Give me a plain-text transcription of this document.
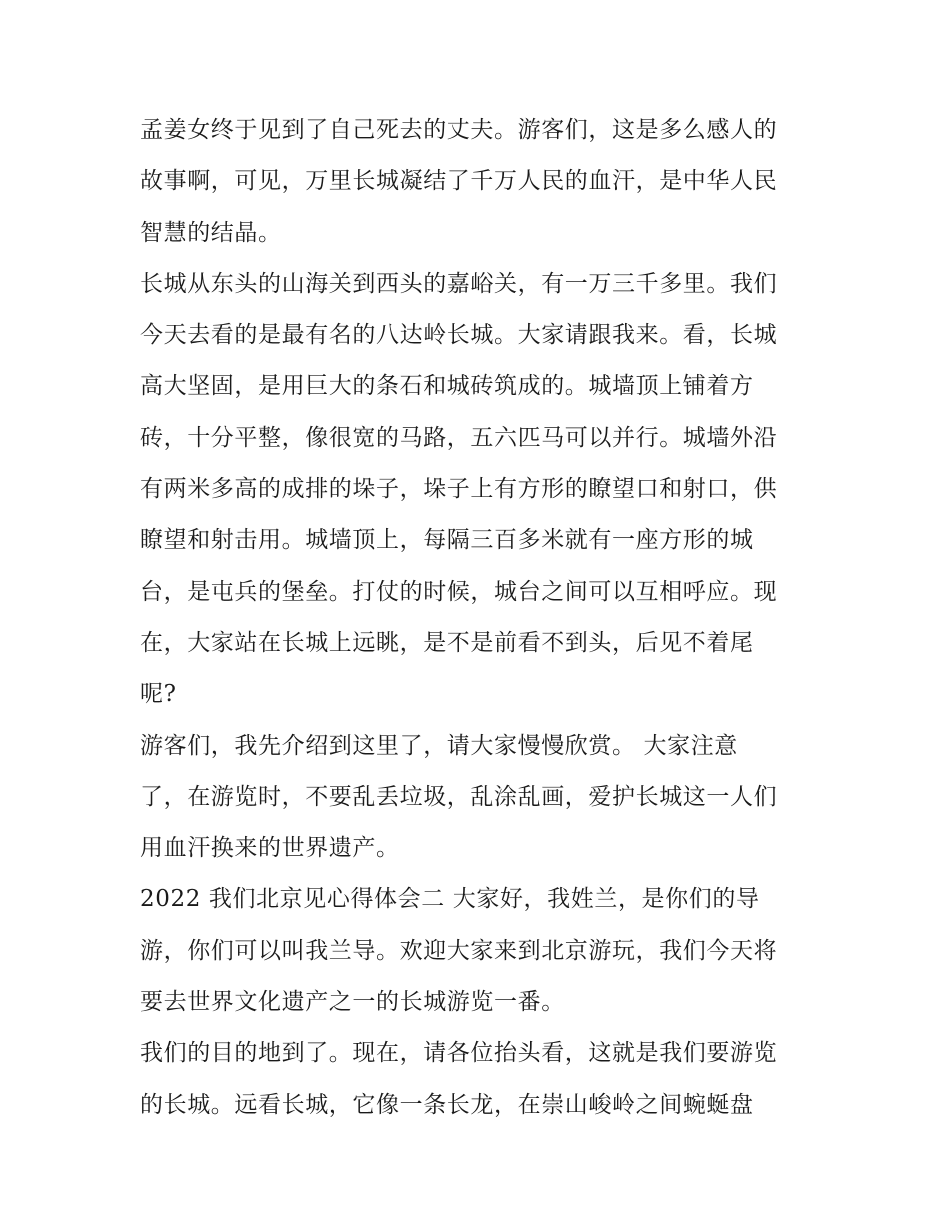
孟姜女终于见到了自己死去的丈夫。游客们，这是多么感人的
故事啊，可见，万里长城凝结了千万人民的血汗，是中华人民
智慧的结晶。
长城从东头的山海关到西头的嘉峪关，有一万三千多里。我们
今天去看的是最有名的八达岭长城。大家请跟我来。看，长城
高大坚固，是用巨大的条石和城砖筑成的。城墙顶上铺着方
砖，十分平整，像很宽的马路，五六匹马可以并行。城墙外沿
有两米多高的成排的垛子，垛子上有方形的瞭望口和射口，供
瞭望和射击用。城墙顶上，每隔三百多米就有一座方形的城
台，是屯兵的堡垒。打仗的时候，城台之间可以互相呼应。现
在，大家站在长城上远眺，是不是前看不到头，后见不着尾
呢?
游客们，我先介绍到这里了，请大家慢慢欣赏。 大家注意
了，在游览时，不要乱丢垃圾，乱涂乱画，爱护长城这一人们
用血汗换来的世界遗产。
2022 我们北京见心得体会二 大家好，我姓兰，是你们的导
游，你们可以叫我兰导。欢迎大家来到北京游玩，我们今天将
要去世界文化遗产之一的长城游览一番。
我们的目的地到了。现在，请各位抬头看，这就是我们要游览
的长城。远看长城，它像一条长龙，在崇山峻岭之间蜿蜒盘
